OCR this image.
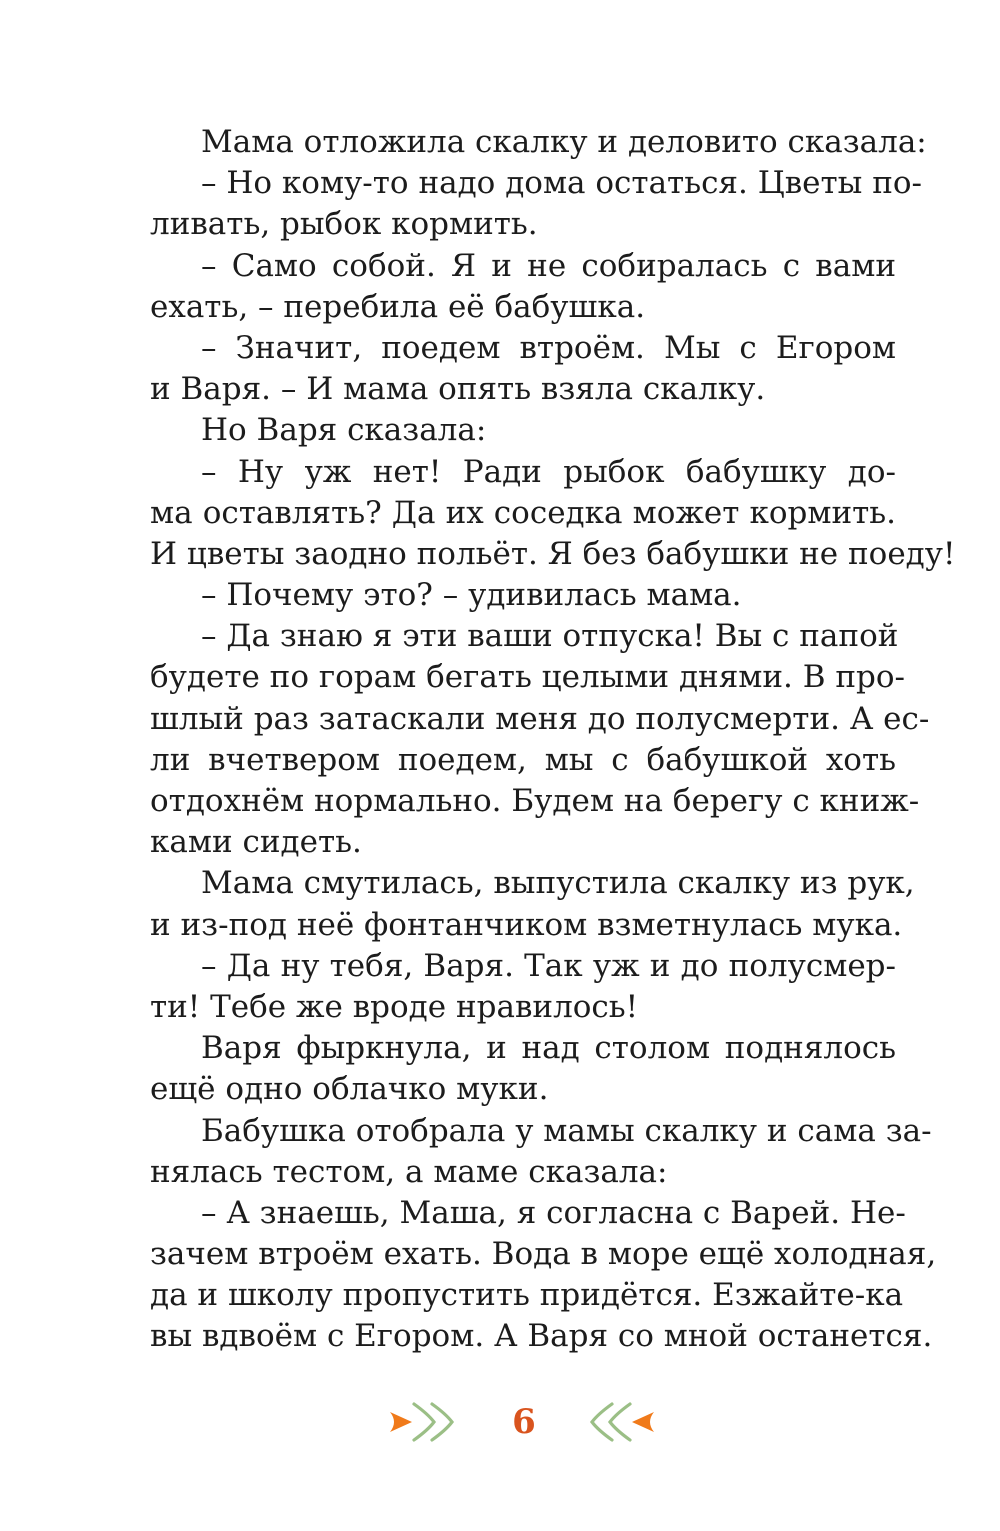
Мама отложила скалку и деловито сказала:
– Но кому-то надо дома остаться. Цветы по-
ливать, рыбок кормить.
– Само собой. Я и не собиралась с вами
ехать, – перебила её бабушка.
– Значит, поедем втроём. Мы с Егором
и Варя. – И мама опять взяла скалку.
Но Варя сказала:
– Ну уж нет! Ради рыбок бабушку до-
ма оставлять? Да их соседка может кормить.
И цветы заодно польёт. Я без бабушки не поеду!
– Почему это? – удивилась мама.
– Да знаю я эти ваши отпуска! Вы с папой
будете по горам бегать целыми днями. В про-
шлый раз затаскали меня до полусмерти. А ес-
ли вчетвером поедем, мы с бабушкой хоть
отдохнём нормально. Будем на берегу с книж-
ками сидеть.
Мама смутилась, выпустила скалку из рук,
и из-под неё фонтанчиком взметнулась мука.
– Да ну тебя, Варя. Так уж и до полусмер-
ти! Тебе же вроде нравилось!
Варя фыркнула, и над столом поднялось
ещё одно облачко муки.
Бабушка отобрала у мамы скалку и сама за-
нялась тестом, а маме сказала:
– А знаешь, Маша, я согласна с Варей. Не-
зачем втроём ехать. Вода в море ещё холодная,
да и школу пропустить придётся. Езжайте-ка
вы вдвоём с Егором. А Варя со мной останется.
6
